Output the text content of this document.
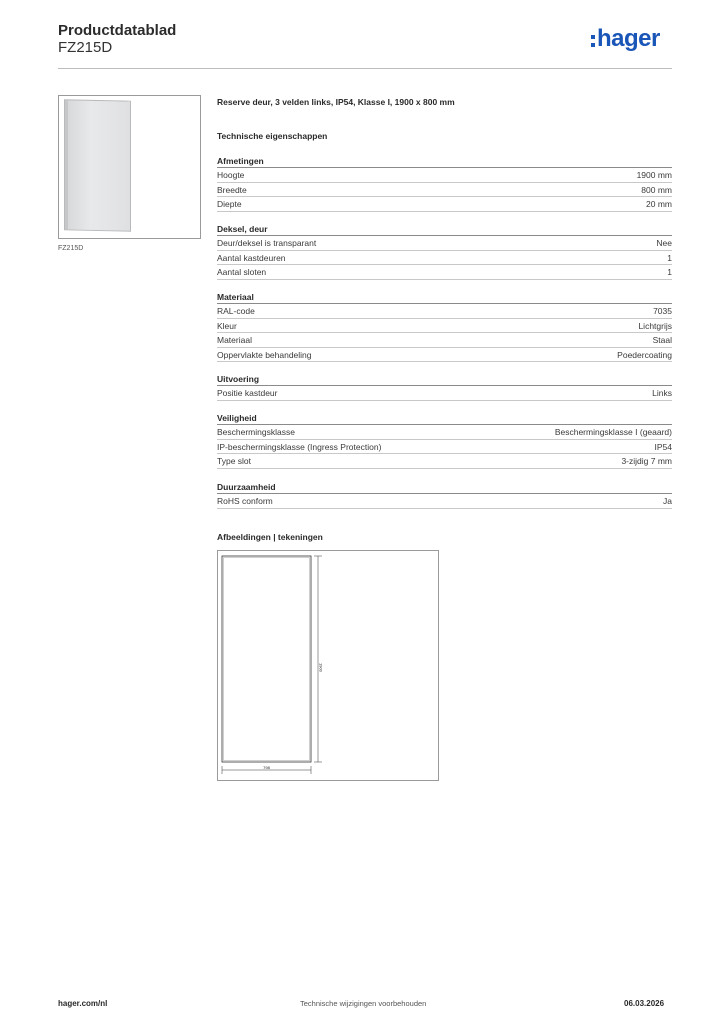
Productdatablad
FZ215D	hager
FZ215D
Reserve deur, 3 velden links, IP54, Klasse I, 1900 x 800 mm
Technische eigenschappen
Afmetingen
Hoogte	1900 mm
Breedte	800 mm
Diepte	20 mm
Deksel, deur
Deur/deksel is transparant	Nee
Aantal kastdeuren	1
Aantal sloten	1
Materiaal
RAL-code	7035
Kleur	Lichtgrijs
Materiaal	Staal
Oppervlakte behandeling	Poedercoating
Uitvoering
Positie kastdeur	Links
Veiligheid
Beschermingsklasse	Beschermingsklasse I (geaard)
IP-beschermingsklasse (Ingress Protection)	IP54
Type slot	3-zijdig 7 mm
Duurzaamheid
RoHS conform	Ja
Afbeeldingen | tekeningen
1900
798
hager.com/nl	Technische wijzigingen voorbehouden	06.03.2026
